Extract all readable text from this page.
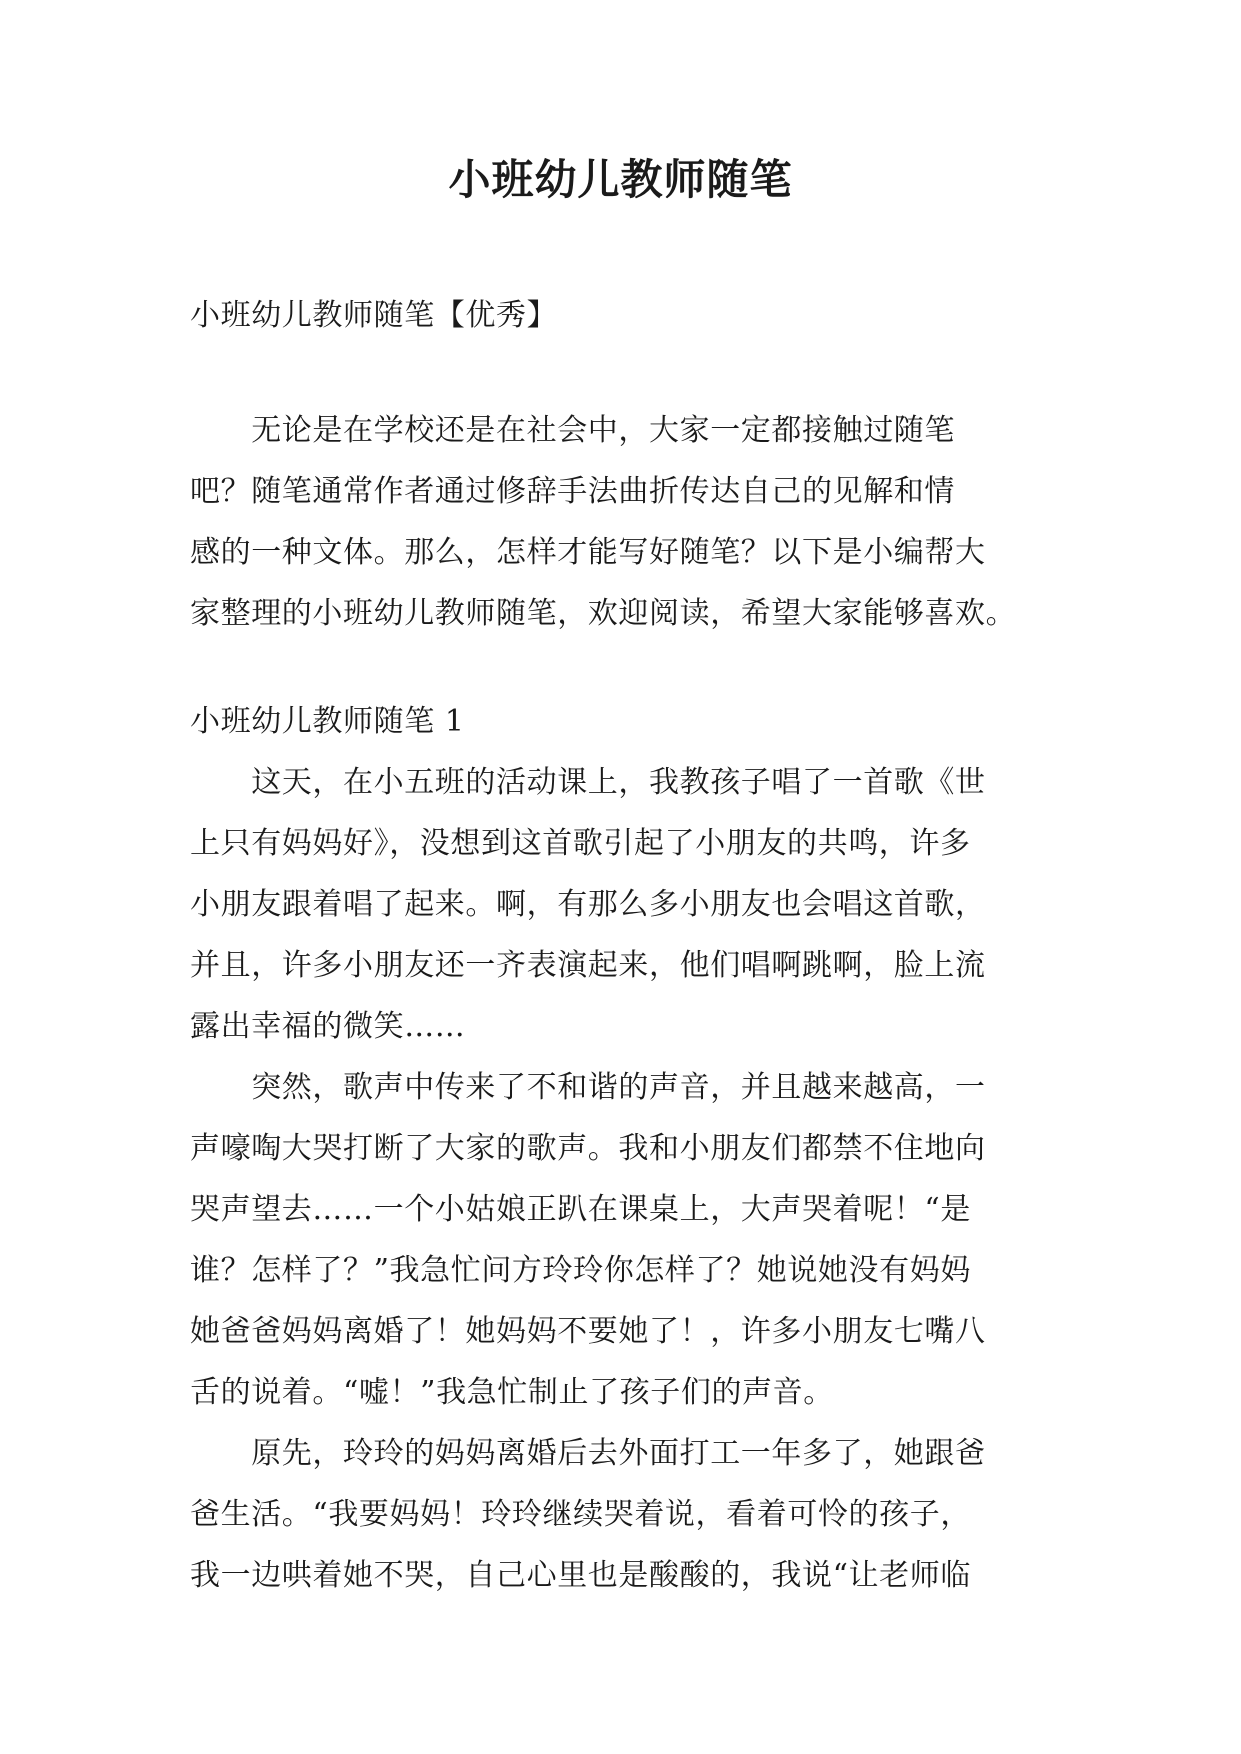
小班幼儿教师随笔
小班幼儿教师随笔【优秀】
　　无论是在学校还是在社会中，大家一定都接触过随笔
吧？随笔通常作者通过修辞手法曲折传达自己的见解和情
感的一种文体。那么，怎样才能写好随笔？以下是小编帮大
家整理的小班幼儿教师随笔，欢迎阅读，希望大家能够喜欢。
小班幼儿教师随笔 1
　　这天，在小五班的活动课上，我教孩子唱了一首歌《世
上只有妈妈好》，没想到这首歌引起了小朋友的共鸣，许多
小朋友跟着唱了起来。啊，有那么多小朋友也会唱这首歌，
并且，许多小朋友还一齐表演起来，他们唱啊跳啊，脸上流
露出幸福的微笑……
　　突然，歌声中传来了不和谐的声音，并且越来越高，一
声嚎啕大哭打断了大家的歌声。我和小朋友们都禁不住地向
哭声望去……一个小姑娘正趴在课桌上，大声哭着呢！“是
谁？怎样了？”我急忙问方玲玲你怎样了？她说她没有妈妈
她爸爸妈妈离婚了！她妈妈不要她了！，许多小朋友七嘴八
舌的说着。“嘘！”我急忙制止了孩子们的声音。
　　原先，玲玲的妈妈离婚后去外面打工一年多了，她跟爸
爸生活。“我要妈妈！玲玲继续哭着说，看着可怜的孩子，
我一边哄着她不哭，自己心里也是酸酸的，我说“让老师临
